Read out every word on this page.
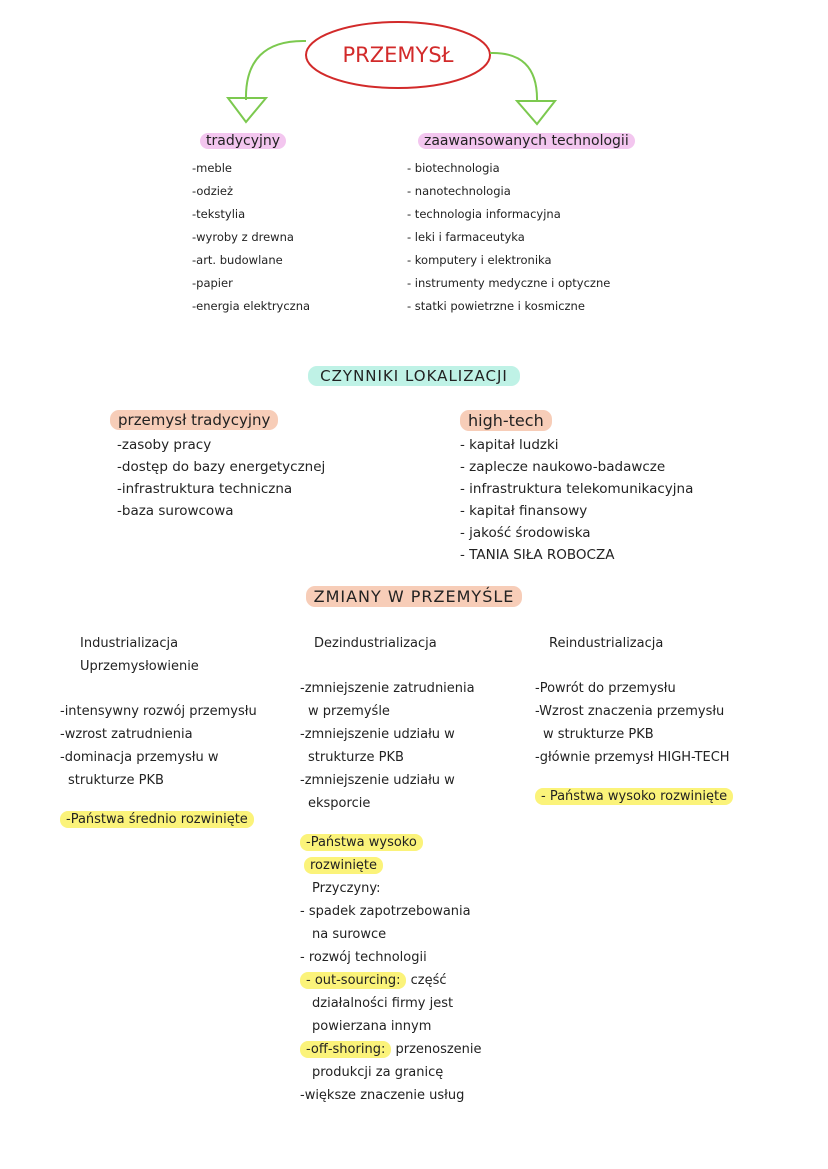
PRZEMYSŁ
tradycyjny
-meble
-odzież
-tekstylia
-wyroby z drewna
-art. budowlane
-papier
-energia elektryczna
zaawansowanych technologii
- biotechnologia
- nanotechnologia
- technologia informacyjna
- leki i farmaceutyka
- komputery i elektronika
- instrumenty medyczne i optyczne
- statki powietrzne i kosmiczne
CZYNNIKI LOKALIZACJI
przemysł tradycyjny
-zasoby pracy
-dostęp do bazy energetycznej
-infrastruktura techniczna
-baza surowcowa
high-tech
- kapitał ludzki
- zaplecze naukowo-badawcze
- infrastruktura telekomunikacyjna
- kapitał finansowy
- jakość środowiska
- TANIA SIŁA ROBOCZA
ZMIANY W PRZEMYŚLE
Industrializacja
Uprzemysłowienie
-intensywny rozwój przemysłu
-wzrost zatrudnienia
-dominacja przemysłu w
strukturze PKB
-Państwa średnio rozwinięte
Dezindustrializacja
-zmniejszenie zatrudnienia
w przemyśle
-zmniejszenie udziału w
strukturze PKB
-zmniejszenie udziału w
eksporcie
-Państwa wysoko
rozwinięte
Przyczyny:
- spadek zapotrzebowania
na surowce
- rozwój technologii
- out-sourcing: część
działalności firmy jest
powierzana innym
-off-shoring: przenoszenie
produkcji za granicę
-większe znaczenie usług
Reindustrializacja
-Powrót do przemysłu
-Wzrost znaczenia przemysłu
w strukturze PKB
-głównie przemysł HIGH-TECH
- Państwa wysoko rozwinięte
